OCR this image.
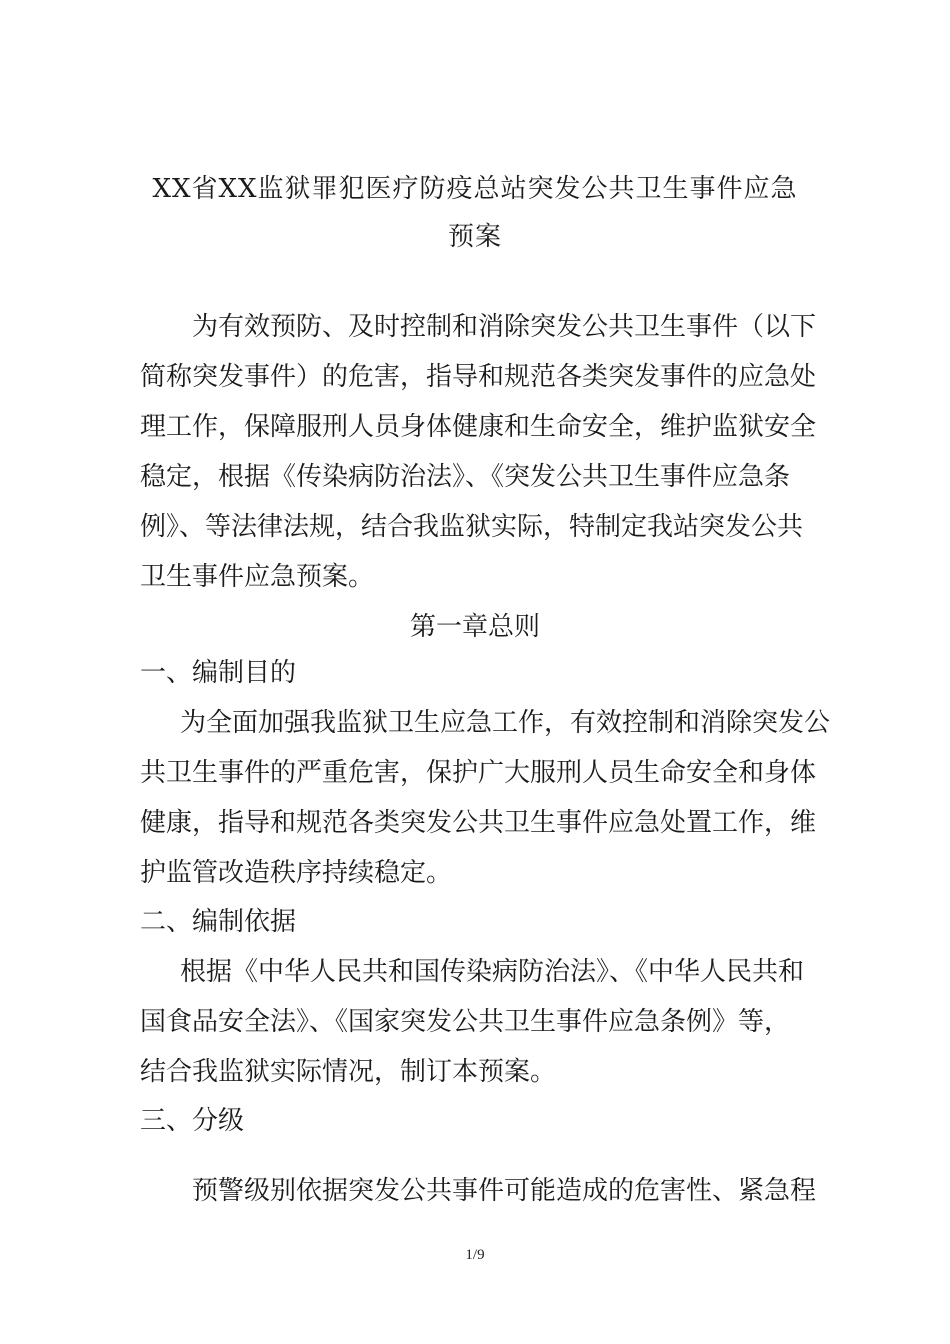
XX省XX监狱罪犯医疗防疫总站突发公共卫生事件应急
预案
为有效预防、及时控制和消除突发公共卫生事件（以下
简称突发事件）的危害，指导和规范各类突发事件的应急处
理工作，保障服刑人员身体健康和生命安全，维护监狱安全
稳定，根据《传染病防治法》、《突发公共卫生事件应急条
例》、等法律法规，结合我监狱实际，特制定我站突发公共
卫生事件应急预案。
第一章总则
一、编制目的
为全面加强我监狱卫生应急工作，有效控制和消除突发公
共卫生事件的严重危害，保护广大服刑人员生命安全和身体
健康，指导和规范各类突发公共卫生事件应急处置工作，维
护监管改造秩序持续稳定。
二、编制依据
根据《中华人民共和国传染病防治法》、《中华人民共和
国食品安全法》、《国家突发公共卫生事件应急条例》等，
结合我监狱实际情况，制订本预案。
三、分级
预警级别依据突发公共事件可能造成的危害性、紧急程
1/9
